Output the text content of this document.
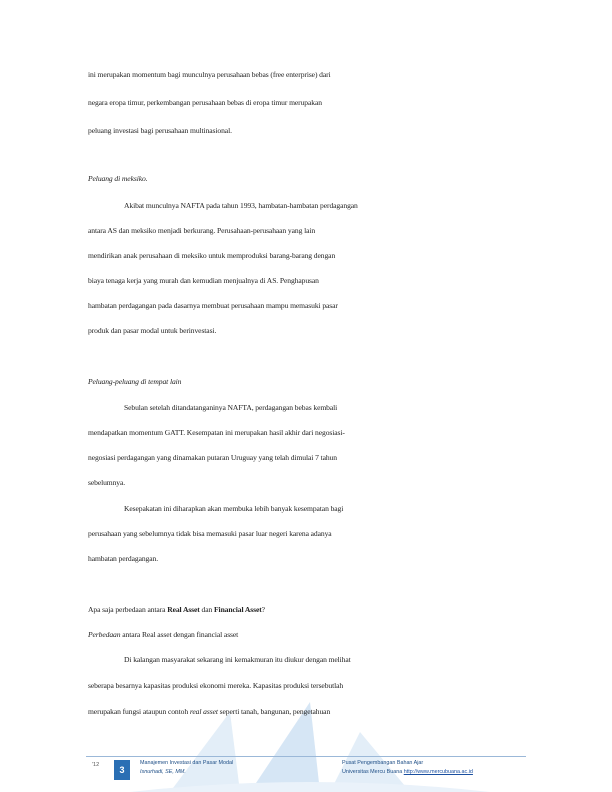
ini merupakan momentum bagi munculnya perusahaan bebas (free enterprise) dari
negara eropa timur, perkembangan perusahaan bebas di eropa timur merupakan
peluang investasi bagi perusahaan multinasional.
Peluang di meksiko.
Akibat munculnya NAFTA pada tahun 1993, hambatan-hambatan perdagangan
antara AS dan meksiko menjadi berkurang. Perusahaan-perusahaan yang lain
mendirikan anak perusahaan di meksiko untuk memproduksi barang-barang dengan
biaya tenaga kerja yang murah dan kemudian menjualnya di AS. Penghapusan
hambatan perdagangan pada dasarnya membuat perusahaan mampu memasuki pasar
produk dan pasar modal untuk berinvestasi.
Peluang-peluang di tempat lain
Sebulan setelah ditandatanganinya NAFTA, perdagangan bebas kembali
mendapatkan momentum GATT. Kesempatan ini merupakan hasil akhir dari negosiasi-
negosiasi perdagangan yang dinamakan putaran Uruguay yang telah dimulai 7 tahun
sebelumnya.
Kesepakatan ini diharapkan akan membuka lebih banyak kesempatan bagi
perusahaan yang sebelumnya tidak bisa memasuki pasar luar negeri karena adanya
hambatan perdagangan.
Apa saja perbedaan antara Real Asset dan Financial Asset?
Perbedaan antara Real asset dengan financial asset
Di kalangan masyarakat sekarang ini kemakmuran itu diukur dengan melihat
seberapa besarnya kapasitas produksi ekonomi mereka. Kapasitas produksi tersebutlah
merupakan fungsi ataupun contoh real asset seperti tanah, bangunan, pengetahuan
'12	3
Manajemen Investasi dan Pasar Modal
Isnurhadi, SE, MM.
Pusat Pengembangan Bahan Ajar
Universitas Mercu Buana http://www.mercubuana.ac.id
